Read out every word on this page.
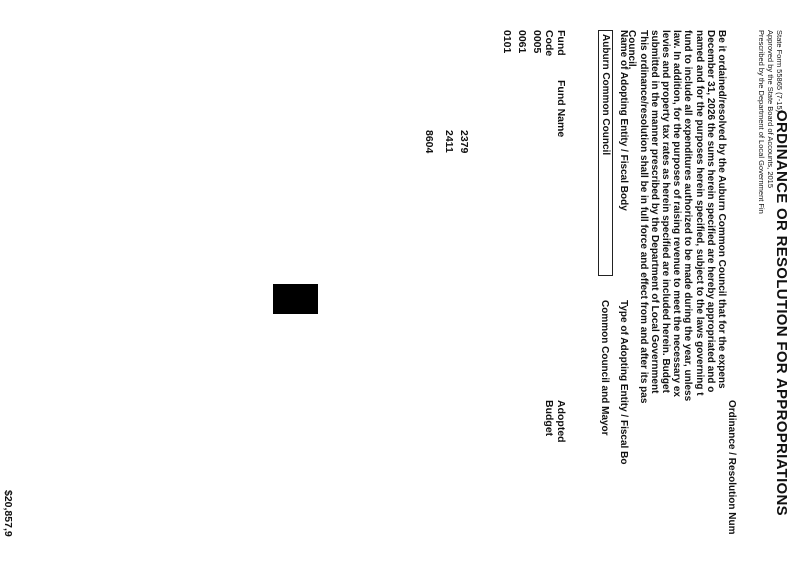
ORDINANCE OR RESOLUTION FOR APPROPRIATIONS
State Form 55865 (7-15)
Approved by the State Board of Accounts, 2015
Prescribed by the Department of Local Government Fin
Ordinance / Resolution Num
Be it ordained/resolved by the Auburn Common Council that for the expens
December 31, 2026 the sums herein specified are hereby appropriated and o
named and for the purposes herein specified, subject to the laws governing t
fund to include all expenditures authorized to be made during the year, unless
law. In addition, for the purposes of raising revenue to meet the necessary ex
levies and property tax rates as herein specified are included herein. Budget
submitted in the manner prescribed by the Department of Local Government
This ordinance/resolution shall be in full force and effect from and after its pas
Council.
Name of Adopting Entity / Fiscal Body
Auburn Common Council
Type of Adopting Entity / Fiscal Bo
Common Council and Mayor
Fund Code
Fund Name
Adopted Budget
0005
0061
0101
2379
2411
8604
$20,857,9
